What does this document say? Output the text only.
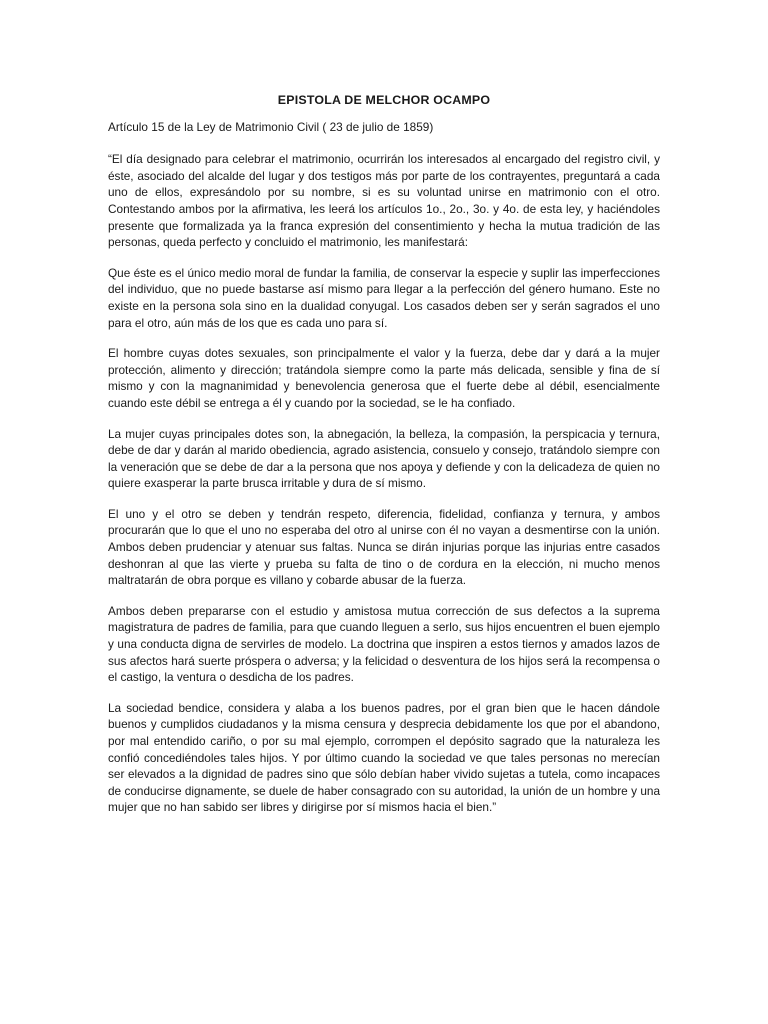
EPISTOLA DE MELCHOR OCAMPO
Artículo 15 de la Ley de Matrimonio Civil ( 23 de julio de 1859)

“El día designado para celebrar el matrimonio, ocurrirán los interesados al encargado del registro civil, y éste, asociado del alcalde del lugar y dos testigos más por parte de los contrayentes, preguntará a cada uno de ellos, expresándolo por su nombre, si es su voluntad unirse en matrimonio con el otro. Contestando ambos por la afirmativa, les leerá los artículos 1o., 2o., 3o. y 4o. de esta ley, y haciéndoles presente que formalizada ya la franca expresión del consentimiento y hecha la mutua tradición de las personas, queda perfecto y concluido el matrimonio, les manifestará:

Que éste es el único medio moral de fundar la familia, de conservar la especie y suplir las imperfecciones del individuo, que no puede bastarse así mismo para llegar a la perfección del género humano. Este no existe en la persona sola sino en la dualidad conyugal. Los casados deben ser y serán sagrados el uno para el otro, aún más de los que es cada uno para sí.

El hombre cuyas dotes sexuales, son principalmente el valor y la fuerza, debe dar y dará a la mujer protección, alimento y dirección; tratándola siempre como la parte más delicada, sensible y fina de sí mismo y con la magnanimidad y benevolencia generosa que el fuerte debe al débil, esencialmente cuando este débil se entrega a él y cuando por la sociedad, se le ha confiado.

La mujer cuyas principales dotes son, la abnegación, la belleza, la compasión, la perspicacia y ternura, debe de dar y darán al marido obediencia, agrado asistencia, consuelo y consejo, tratándolo siempre con la veneración que se debe de dar a la persona que nos apoya y defiende y con la delicadeza de quien no quiere exasperar la parte brusca irritable y dura de sí mismo.

El uno y el otro se deben y tendrán respeto, diferencia, fidelidad, confianza y ternura, y ambos procurarán que lo que el uno no esperaba del otro al unirse con él no vayan a desmentirse con la unión. Ambos deben prudenciar y atenuar sus faltas. Nunca se dirán injurias porque las injurias entre casados deshonran al que las vierte y prueba su falta de tino o de cordura en la elección, ni mucho menos maltratarán de obra porque es villano y cobarde abusar de la fuerza.

Ambos deben prepararse con el estudio y amistosa mutua corrección de sus defectos a la suprema magistratura de padres de familia, para que cuando lleguen a serlo, sus hijos encuentren el buen ejemplo y una conducta digna de servirles de modelo. La doctrina que inspiren a estos tiernos y amados lazos de sus afectos hará suerte próspera o adversa; y la felicidad o desventura de los hijos será la recompensa o el castigo, la ventura o desdicha de los padres.

La sociedad bendice, considera y alaba a los buenos padres, por el gran bien que le hacen dándole buenos y cumplidos ciudadanos y la misma censura y desprecia debidamente los que por el abandono, por mal entendido cariño, o por su mal ejemplo, corrompen el depósito sagrado que la naturaleza les confió concediéndoles tales hijos. Y por último cuando la sociedad ve que tales personas no merecían ser elevados a la dignidad de padres sino que sólo debían haber vivido sujetas a tutela, como incapaces de conducirse dignamente, se duele de haber consagrado con su autoridad, la unión de un hombre y una mujer que no han sabido ser libres y dirigirse por sí mismos hacia el bien.”
